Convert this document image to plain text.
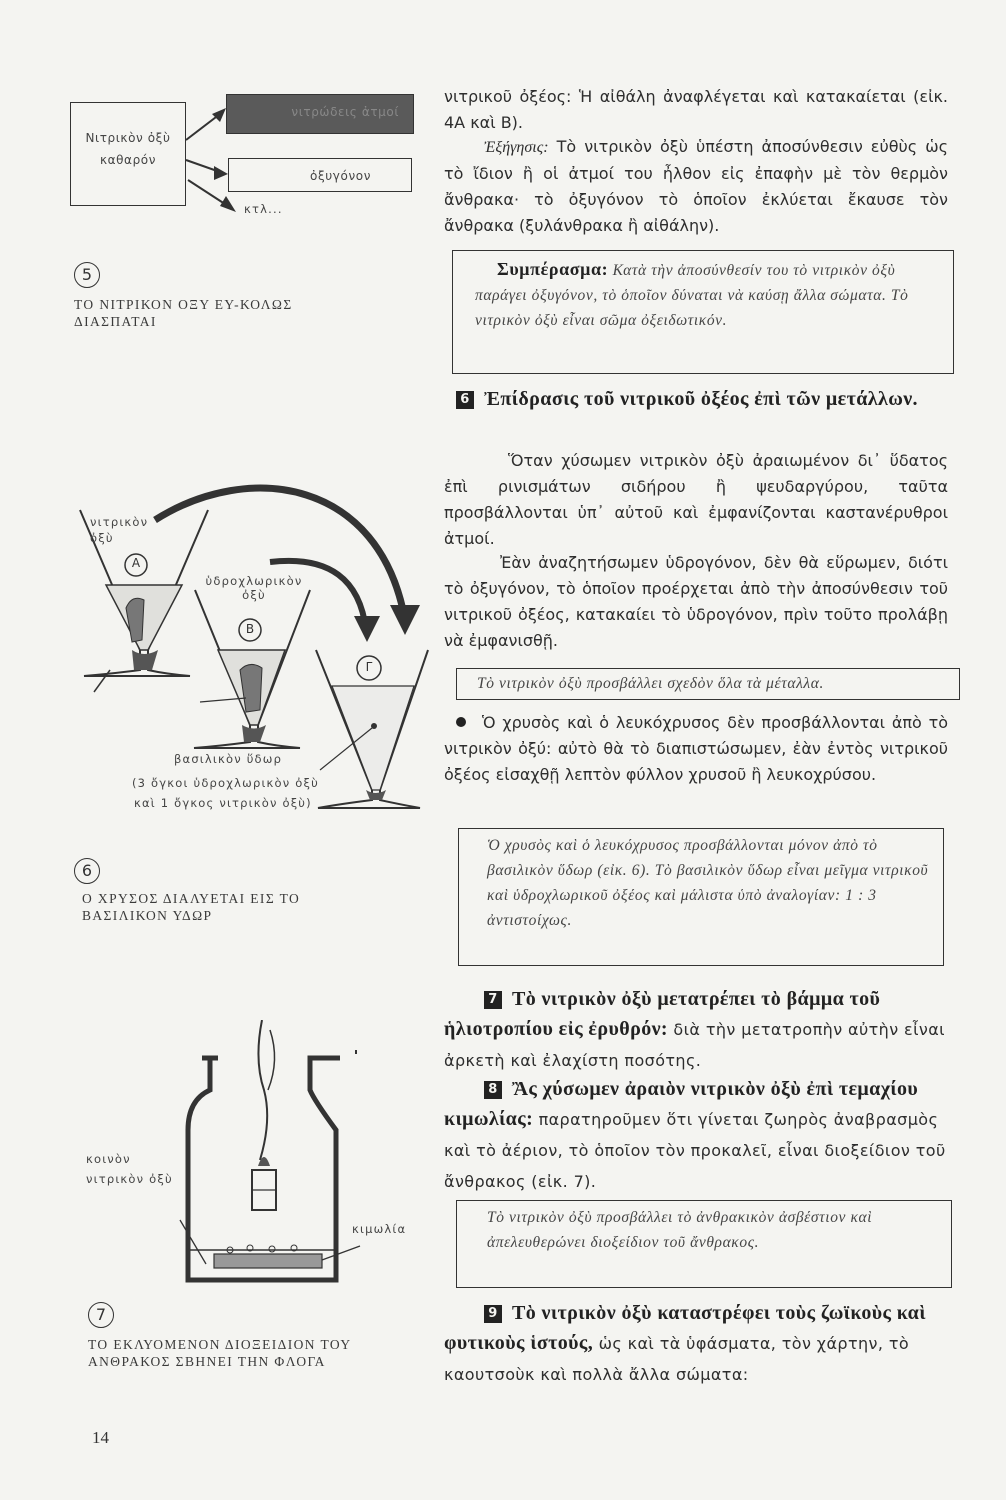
Νιτρικὸν ὀξὺ καθαρόν
νιτρώδεις ἀτμοί
ὀξυγόνον
κτλ...
5
ΤΟ ΝΙΤΡΙΚΟΝ ΟΞΥ ΕΥ-ΚΟΛΩΣ ΔΙΑΣΠΑΤΑΙ
νιτρικὸν ὀξὺ
ὑδροχλωρικὸν ὀξὺ
A
B
Γ
βασιλικὸν ὕδωρ
(3 ὄγκοι ὑδροχλωρικὸν ὀξὺ
καὶ 1 ὄγκος νιτρικὸν ὀξὺ)
6
Ο ΧΡΥΣΟΣ ΔΙΑΛΥΕΤΑΙ ΕΙΣ ΤΟ ΒΑΣΙΛΙΚΟΝ ΥΔΩΡ
κοινὸν
νιτρικὸν ὀξὺ
κιμωλία
7
ΤΟ ΕΚΛΥΟΜΕΝΟΝ ΔΙΟΞΕΙΔΙΟΝ ΤΟΥ ΑΝΘΡΑΚΟΣ ΣΒΗΝΕΙ ΤΗΝ ΦΛΟΓΑ
14
νιτρικοῦ ὀξέος: Ἡ αἰθάλη ἀναφλέγεται καὶ κατακαίεται (εἰκ. 4Α καὶ Β).
Ἐξήγησις: Τὸ νιτρικὸν ὀξὺ ὑπέστη ἀποσύνθεσιν εὐθὺς ὡς τὸ ἴδιον ἢ οἱ ἀτμοί του ἦλθον εἰς ἐπαφὴν μὲ τὸν θερμὸν ἄνθρακα· τὸ ὀξυγόνον τὸ ὁποῖον ἐκλύεται ἔκαυσε τὸν ἄνθρακα (ξυλάνθρακα ἢ αἰθάλην).
Συμπέρασμα: Κατὰ τὴν ἀποσύνθεσίν του τὸ νιτρικὸν ὀξὺ παράγει ὀξυγόνον, τὸ ὁποῖον δύναται νὰ καύσῃ ἄλλα σώματα. Τὸ νιτρικὸν ὀξὺ εἶναι σῶμα ὀξειδωτικόν.
6 Ἐπίδρασις τοῦ νιτρικοῦ ὀξέος ἐπὶ τῶν μετάλλων.
Ὅταν χύσωμεν νιτρικὸν ὀξὺ ἀραιωμένον δι᾽ ὕδατος ἐπὶ ρινισμάτων σιδήρου ἢ ψευδαργύρου, ταῦτα προσβάλλονται ὑπ᾽ αὐτοῦ καὶ ἐμφανίζονται καστανέρυθροι ἀτμοί.
Ἐὰν ἀναζητήσωμεν ὑδρογόνον, δὲν θὰ εὕρωμεν, διότι τὸ ὀξυγόνον, τὸ ὁποῖον προέρχεται ἀπὸ τὴν ἀποσύνθεσιν τοῦ νιτρικοῦ ὀξέος, κατακαίει τὸ ὑδρογόνον, πρὶν τοῦτο προλάβῃ νὰ ἐμφανισθῇ.
Τὸ νιτρικὸν ὀξὺ προσβάλλει σχεδὸν ὅλα τὰ μέταλλα.
Ὁ χρυσὸς καὶ ὁ λευκόχρυσος δὲν προσβάλλονται ἀπὸ τὸ νιτρικὸν ὀξύ: αὐτὸ θὰ τὸ διαπιστώσωμεν, ἐὰν ἐντὸς νιτρικοῦ ὀξέος εἰσαχθῇ λεπτὸν φύλλον χρυσοῦ ἢ λευκοχρύσου.
Ὁ χρυσὸς καὶ ὁ λευκόχρυσος προσβάλλονται μόνον ἀπὸ τὸ βασιλικὸν ὕδωρ (εἰκ. 6). Τὸ βασιλικὸν ὕδωρ εἶναι μεῖγμα νιτρικοῦ καὶ ὑδροχλωρικοῦ ὀξέος καὶ μάλιστα ὑπὸ ἀναλογίαν: 1 : 3 ἀντιστοίχως.
7 Τὸ νιτρικὸν ὀξὺ μετατρέπει τὸ βάμμα τοῦ ἡλιοτροπίου εἰς ἐρυθρόν: διὰ τὴν μετατροπὴν αὐτὴν εἶναι ἀρκετὴ καὶ ἐλαχίστη ποσότης.
8 Ἂς χύσωμεν ἀραιὸν νιτρικὸν ὀξὺ ἐπὶ τεμαχίου κιμωλίας: παρατηροῦμεν ὅτι γίνεται ζωηρὸς ἀναβρασμὸς καὶ τὸ ἀέριον, τὸ ὁποῖον τὸν προκαλεῖ, εἶναι διοξείδιον τοῦ ἄνθρακος (εἰκ. 7).
Τὸ νιτρικὸν ὀξὺ προσβάλλει τὸ ἀνθρακικὸν ἀσβέστιον καὶ ἀπελευθερώνει διοξείδιον τοῦ ἄνθρακος.
9 Τὸ νιτρικὸν ὀξὺ καταστρέφει τοὺς ζωϊκοὺς καὶ φυτικοὺς ἱστούς, ὡς καὶ τὰ ὑφάσματα, τὸν χάρτην, τὸ καουτσοὺκ καὶ πολλὰ ἄλλα σώματα:
